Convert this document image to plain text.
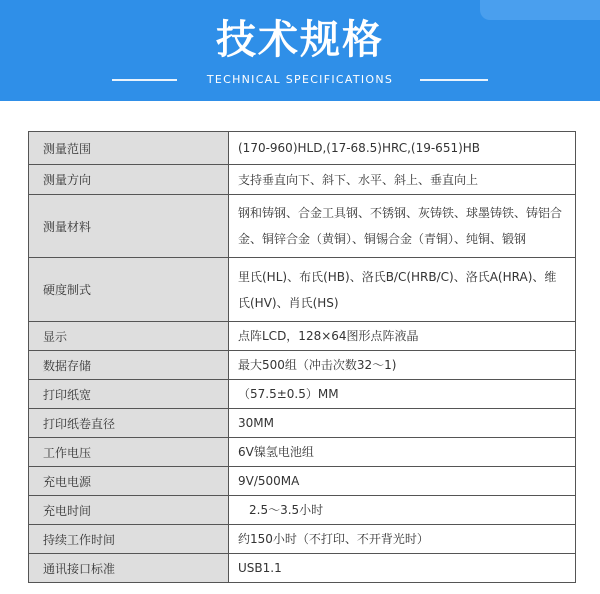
技术规格
TECHNICAL SPECIFICATIONS
测量范围	(170-960)HLD,(17-68.5)HRC,(19-651)HB
测量方向	支持垂直向下、斜下、水平、斜上、垂直向上
测量材料	钢和铸钢、合金工具钢、不锈钢、灰铸铁、球墨铸铁、铸铝合金、铜锌合金（黄铜）、铜锡合金（青铜）、纯铜、锻钢
硬度制式	里氏(HL)、布氏(HB)、洛氏B/C(HRB/C)、洛氏A(HRA)、维氏(HV)、肖氏(HS)
显示	点阵LCD，128×64图形点阵液晶
数据存储	最大500组（冲击次数32～1)
打印纸宽	（57.5±0.5）MM
打印纸卷直径	30MM
工作电压	6V镍氢电池组
充电电源	9V/500MA
充电时间	2.5～3.5小时
持续工作时间	约150小时（不打印、不开背光时）
通讯接口标准	USB1.1
